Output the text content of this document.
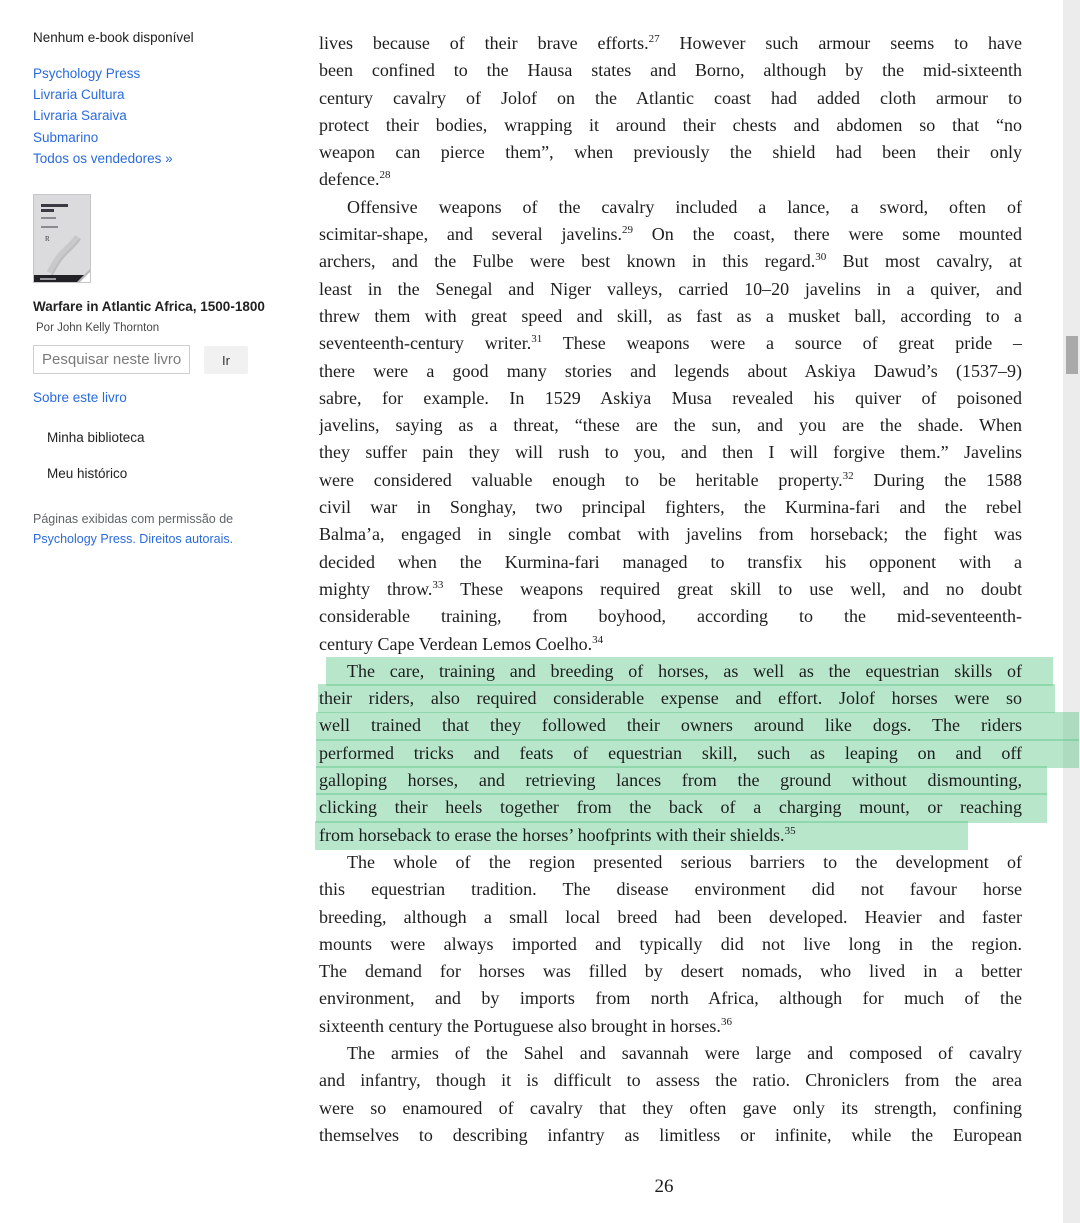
Nenhum e-book disponível
Psychology Press
Livraria Cultura
Livraria Saraiva
Submarino
Todos os vendedores »
R
Warfare in Atlantic Africa, 1500-1800
Por John Kelly Thornton
Pesquisar neste livro
Ir
Sobre este livro
Minha biblioteca
Meu histórico
Páginas exibidas com permissão de
Psychology Press. Direitos autorais.
lives because of their brave efforts.$^{27}$ However such armour seems to have
been confined to the Hausa states and Borno, although by the mid-sixteenth
century cavalry of Jolof on the Atlantic coast had added cloth armour to
protect their bodies, wrapping it around their chests and abdomen so that “no
weapon can pierce them”, when previously the shield had been their only
defence.$^{28}$
Offensive weapons of the cavalry included a lance, a sword, often of
scimitar-shape, and several javelins.$^{29}$ On the coast, there were some mounted
archers, and the Fulbe were best known in this regard.$^{30}$ But most cavalry, at
least in the Senegal and Niger valleys, carried 10–20 javelins in a quiver, and
threw them with great speed and skill, as fast as a musket ball, according to a
seventeenth-century writer.$^{31}$ These weapons were a source of great pride –
there were a good many stories and legends about Askiya Dawud’s (1537–9)
sabre, for example. In 1529 Askiya Musa revealed his quiver of poisoned
javelins, saying as a threat, “these are the sun, and you are the shade. When
they suffer pain they will rush to you, and then I will forgive them.” Javelins
were considered valuable enough to be heritable property.$^{32}$ During the 1588
civil war in Songhay, two principal fighters, the Kurmina-fari and the rebel
Balma’a, engaged in single combat with javelins from horseback; the fight was
decided when the Kurmina-fari managed to transfix his opponent with a
mighty throw.$^{33}$ These weapons required great skill to use well, and no doubt
considerable training, from boyhood, according to the mid-seventeenth-
century Cape Verdean Lemos Coelho.$^{34}$
The care, training and breeding of horses, as well as the equestrian skills of
their riders, also required considerable expense and effort. Jolof horses were so
well trained that they followed their owners around like dogs. The riders
performed tricks and feats of equestrian skill, such as leaping on and off
galloping horses, and retrieving lances from the ground without dismounting,
clicking their heels together from the back of a charging mount, or reaching
from horseback to erase the horses’ hoofprints with their shields.$^{35}$
The whole of the region presented serious barriers to the development of
this equestrian tradition. The disease environment did not favour horse
breeding, although a small local breed had been developed. Heavier and faster
mounts were always imported and typically did not live long in the region.
The demand for horses was filled by desert nomads, who lived in a better
environment, and by imports from north Africa, although for much of the
sixteenth century the Portuguese also brought in horses.$^{36}$
The armies of the Sahel and savannah were large and composed of cavalry
and infantry, though it is difficult to assess the ratio. Chroniclers from the area
were so enamoured of cavalry that they often gave only its strength, confining
themselves to describing infantry as limitless or infinite, while the European
26
